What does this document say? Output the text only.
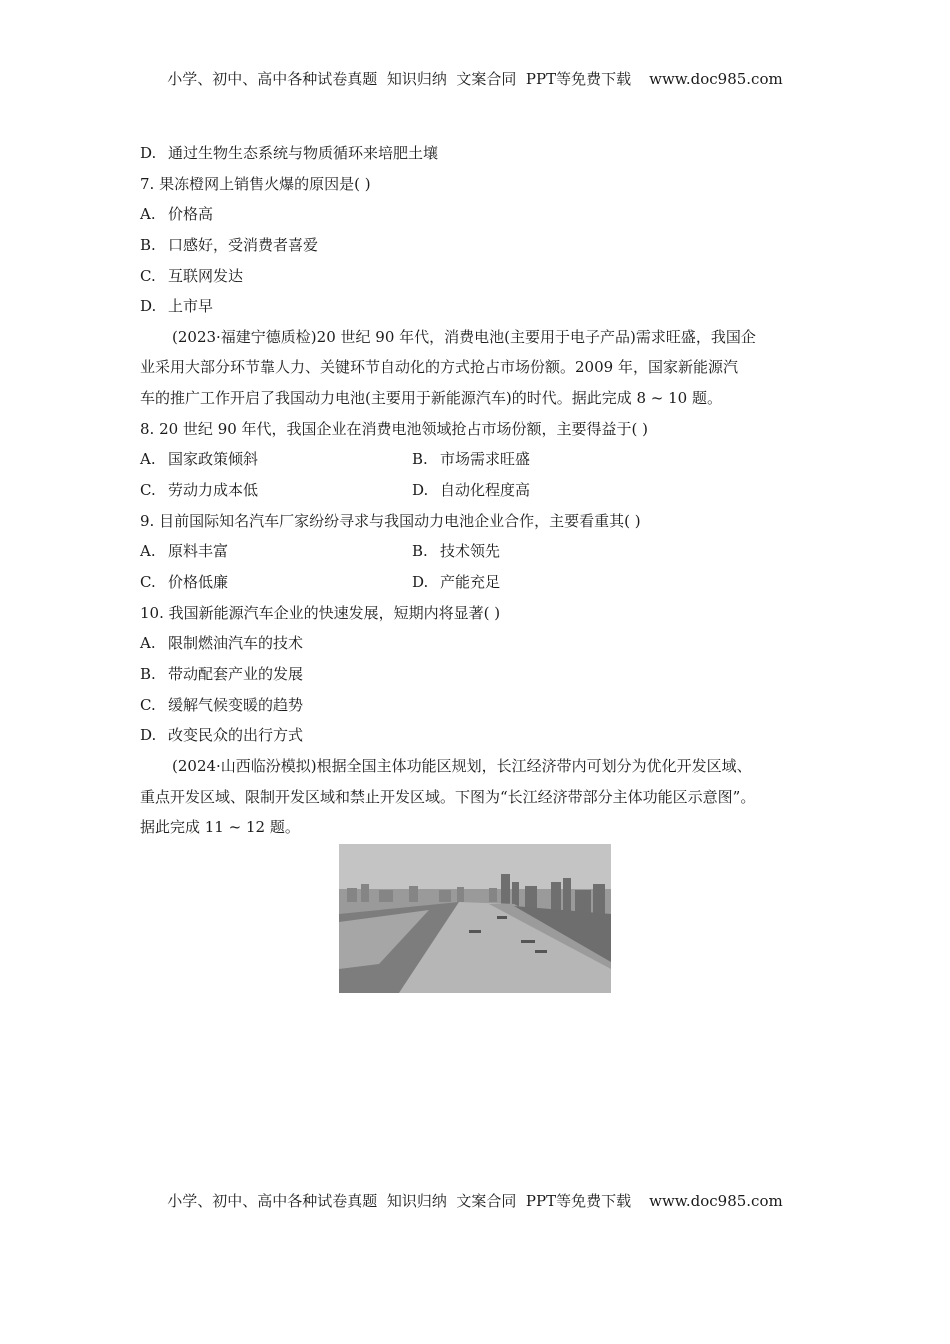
小学、初中、高中各种试卷真题  知识归纳  文案合同  PPT等免费下载 www.doc985.com
D. 通过生物生态系统与物质循环来培肥土壤
7. 果冻橙网上销售火爆的原因是( )
A. 价格高
B. 口感好，受消费者喜爱
C. 互联网发达
D. 上市早
(2023·福建宁德质检)20 世纪 90 年代，消费电池(主要用于电子产品)需求旺盛，我国企
业采用大部分环节靠人力、关键环节自动化的方式抢占市场份额。2009 年，国家新能源汽
车的推广工作开启了我国动力电池(主要用于新能源汽车)的时代。据此完成 8 ~ 10 题。
8. 20 世纪 90 年代，我国企业在消费电池领域抢占市场份额，主要得益于( )
A. 国家政策倾斜	B. 市场需求旺盛
C. 劳动力成本低	D. 自动化程度高
9. 目前国际知名汽车厂家纷纷寻求与我国动力电池企业合作，主要看重其( )
A. 原料丰富	B. 技术领先
C. 价格低廉	D. 产能充足
10. 我国新能源汽车企业的快速发展，短期内将显著( )
A. 限制燃油汽车的技术
B. 带动配套产业的发展
C. 缓解气候变暖的趋势
D. 改变民众的出行方式
(2024·山西临汾模拟)根据全国主体功能区规划，长江经济带内可划分为优化开发区域、
重点开发区域、限制开发区域和禁止开发区域。下图为“长江经济带部分主体功能区示意图”。
据此完成 11 ~ 12 题。
小学、初中、高中各种试卷真题  知识归纳  文案合同  PPT等免费下载 www.doc985.com
